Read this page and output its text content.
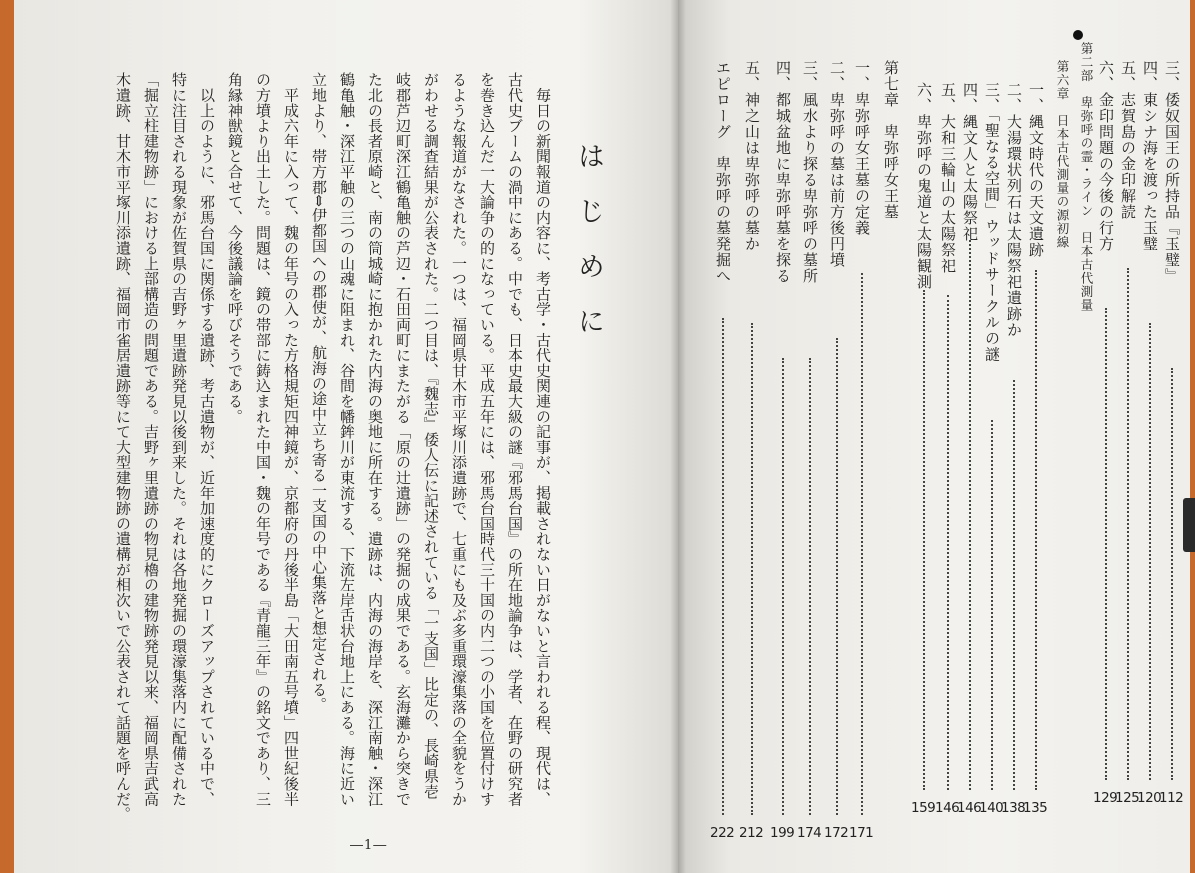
はじめに
　毎日の新聞報道の内容に、考古学・古代史関連の記事が、掲載されない日がないと言われる程、現代は、
古代史ブームの渦中にある。中でも、日本史最大級の謎『邪馬台国』の所在地論争は、学者、在野の研究者
を巻き込んだ一大論争の的になっている。平成五年には、邪馬台国時代三十国の内二つの小国を位置付けす
るような報道がなされた。一つは、福岡県甘木市平塚川添遺跡で、七重にも及ぶ多重環濠集落の全貌をうか
がわせる調査結果が公表された。二つ目は、『魏志』倭人伝に記述されている「一支国」比定の、長崎県壱
岐郡芦辺町深江鶴亀触の芦辺・石田両町にまたがる「原の辻遺跡」の発掘の成果である。玄海灘から突きで
た北の長者原崎と、南の筒城崎に抱かれた内海の奥地に所在する。遺跡は、内海の海岸を、深江南触・深江
鶴亀触・深江平触の三つの山魂に阻まれ、谷間を幡鉾川が東流する、下流左岸舌状台地上にある。海に近い
立地より、帯方郡⇔伊都国への郡使が、航海の途中立ち寄る一支国の中心集落と想定される。
　平成六年に入って、魏の年号の入った方格規矩四神鏡が、京都府の丹後半島「大田南五号墳」四世紀後半
の方墳より出土した。問題は、鏡の帯部に鋳込まれた中国・魏の年号である『青龍三年』の銘文であり、三
角縁神獣鏡と合せて、今後議論を呼びそうである。
　以上のように、邪馬台国に関係する遺跡、考古遺物が、近年加速度的にクローズアップされている中で、
特に注目される現象が佐賀県の吉野ヶ里遺跡発見以後到来した。それは各地発掘の環濠集落内に配備された
「掘立柱建物跡」における上部構造の問題である。吉野ヶ里遺跡の物見櫓の建物跡発見以来、福岡県吉武高
木遺跡、甘木市平塚川添遺跡、福岡市雀居遺跡等にて大型建物跡の遺構が相次いで公表されて話題を呼んだ。
―1―
三、倭奴国王の所持品『玉璧』
112
四、東シナ海を渡った玉璧
120
五、志賀島の金印解読
125
六、金印問題の今後の行方
129
第二部　卑弥呼の霊・ライン　日本古代測量
第六章　日本古代測量の源初線
一、縄文時代の天文遺跡
135
二、大湯環状列石は太陽祭祀遺跡か
138
三、「聖なる空間」ウッドサークルの謎
140
四、縄文人と太陽祭祀
146
五、大和三輪山の太陽祭祀
146
六、卑弥呼の鬼道と太陽観測
159
第七章　卑弥呼女王墓
一、卑弥呼女王墓の定義
171
二、卑弥呼の墓は前方後円墳
172
三、風水より探る卑弥呼の墓所
174
四、都城盆地に卑弥呼墓を探る
199
五、神之山は卑弥呼の墓か
212
エピローグ　卑弥呼の墓発掘へ
222
